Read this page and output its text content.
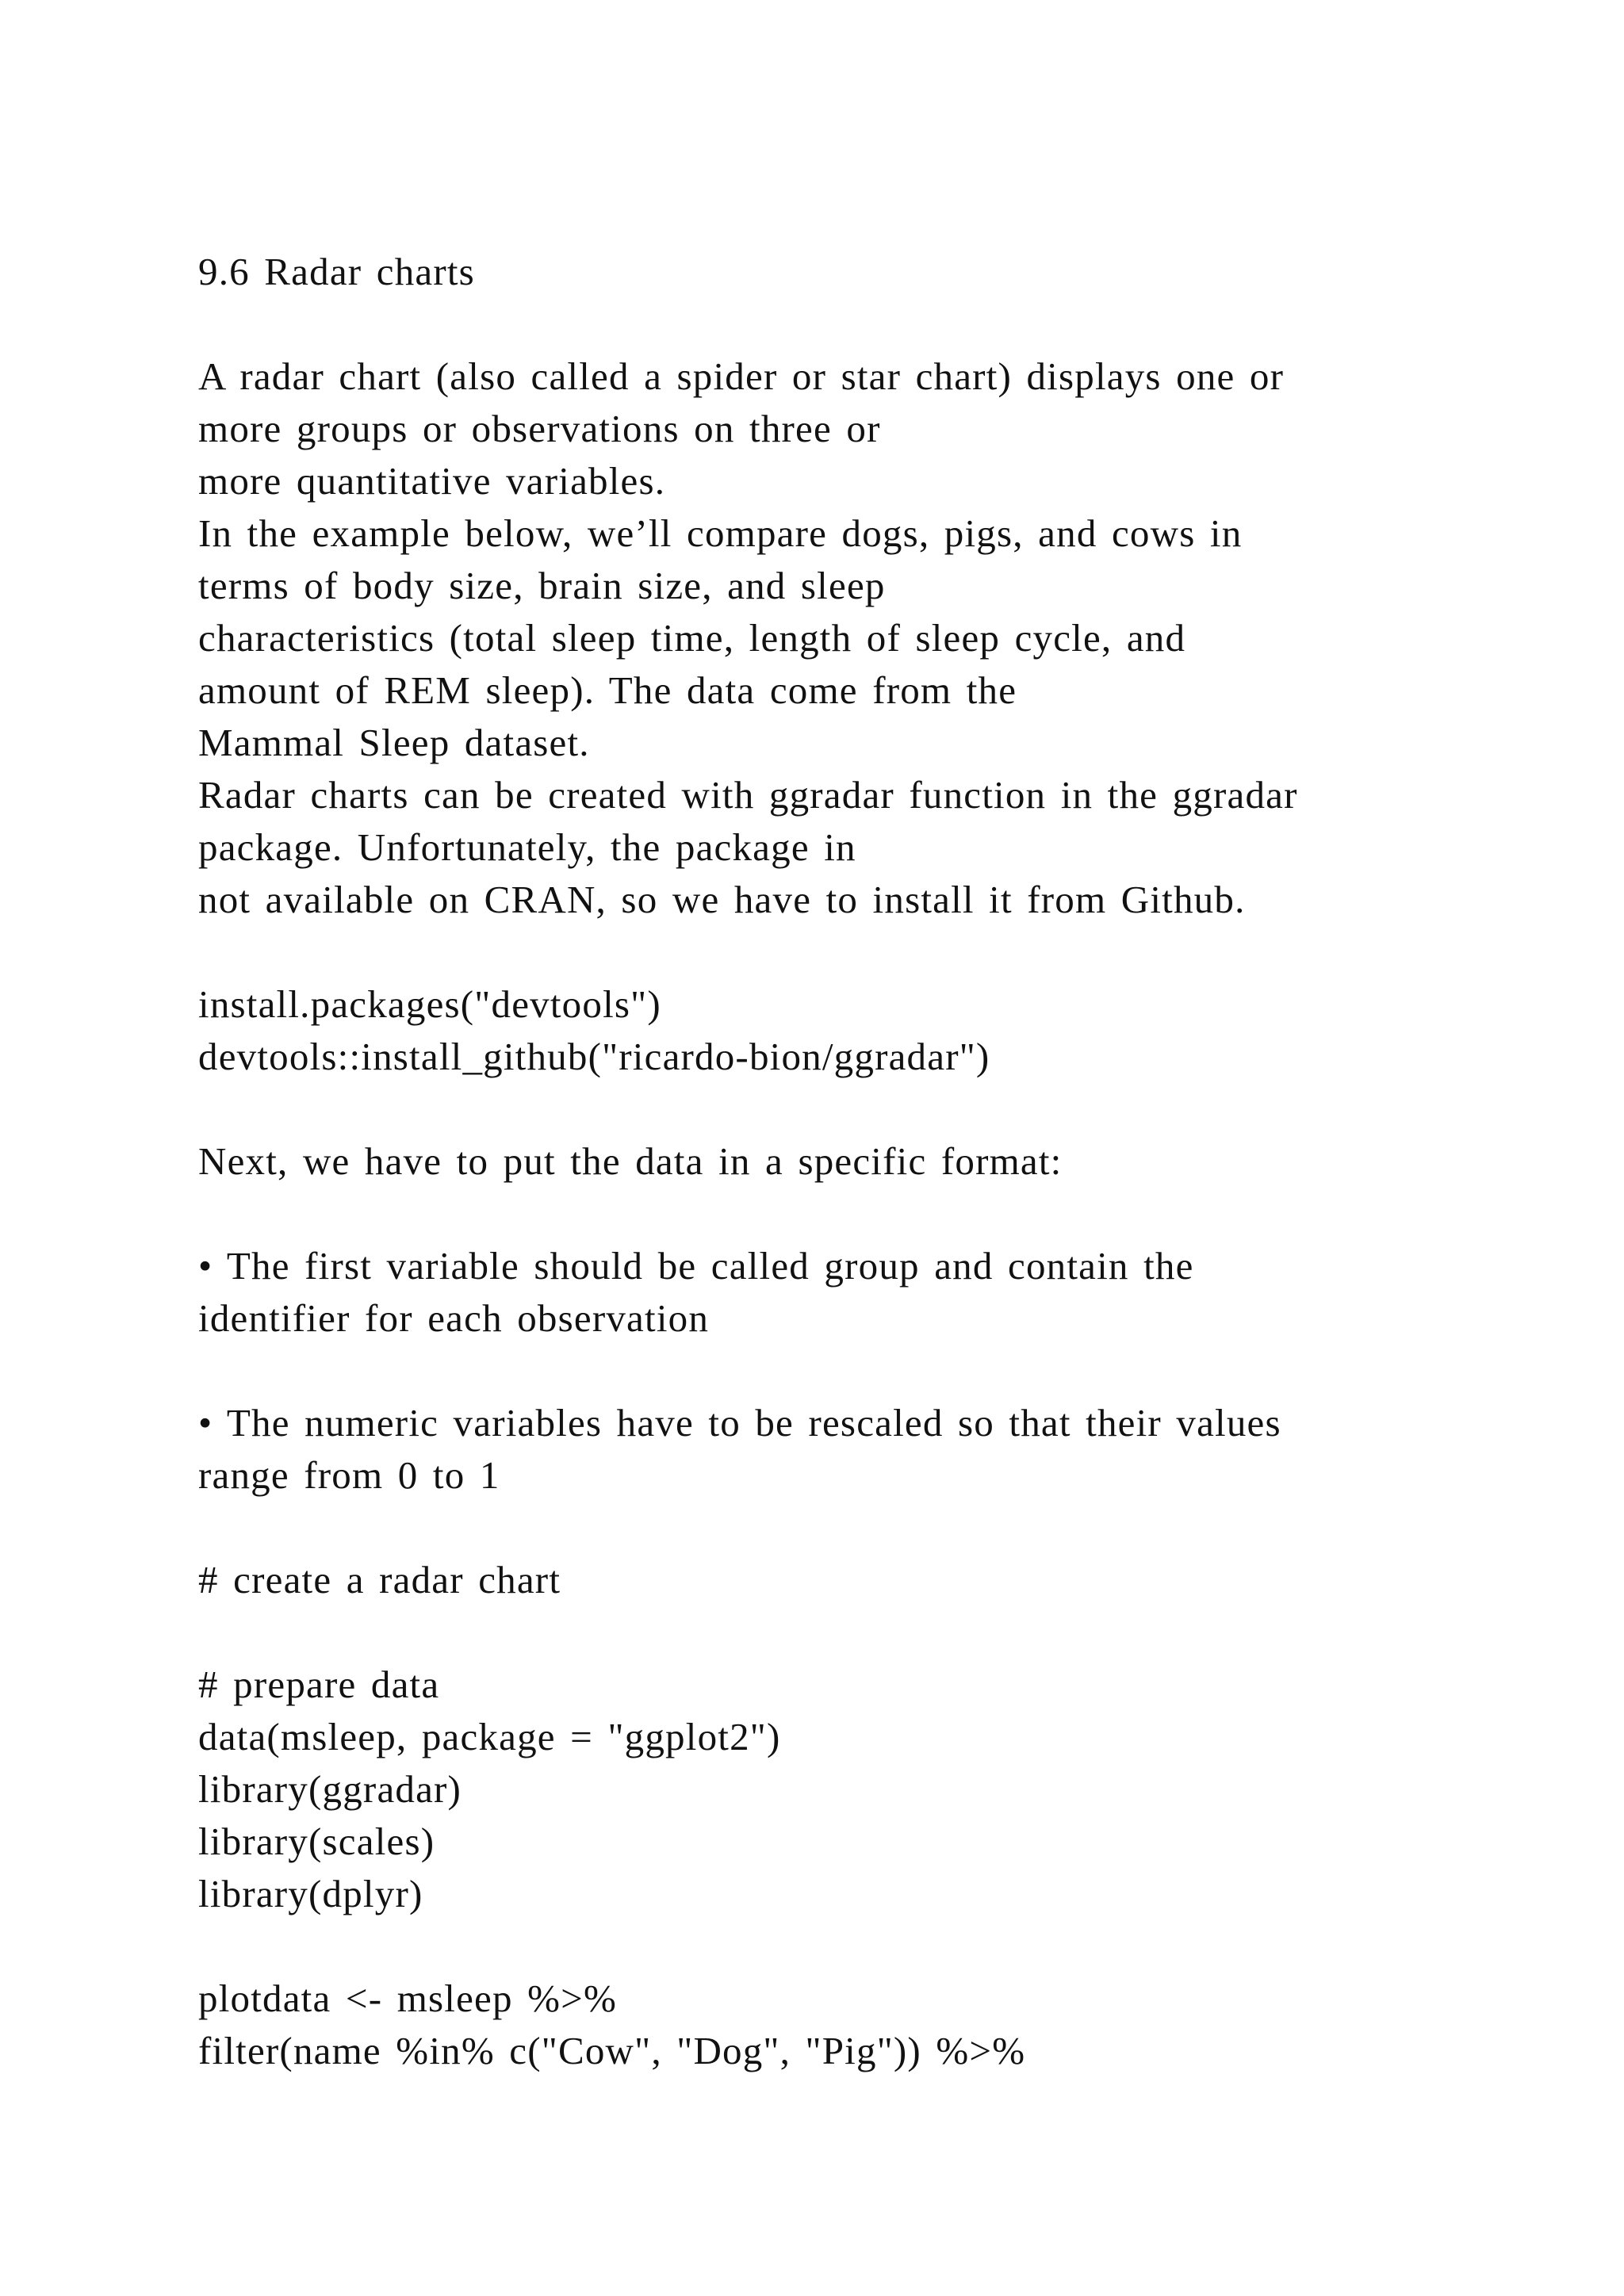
9.6 Radar charts
A radar chart (also called a spider or star chart) displays one or
more groups or observations on three or
more quantitative variables.
In the example below, we’ll compare dogs, pigs, and cows in
terms of body size, brain size, and sleep
characteristics (total sleep time, length of sleep cycle, and
amount of REM sleep). The data come from the
Mammal Sleep dataset.
Radar charts can be created with ggradar function in the ggradar
package. Unfortunately, the package in
not available on CRAN, so we have to install it from Github.
install.packages("devtools")
devtools::install_github("ricardo-bion/ggradar")
Next, we have to put the data in a specific format:
• The first variable should be called group and contain the
identifier for each observation
• The numeric variables have to be rescaled so that their values
range from 0 to 1
# create a radar chart
# prepare data
data(msleep, package = "ggplot2")
library(ggradar)
library(scales)
library(dplyr)
plotdata <- msleep %>%
filter(name %in% c("Cow", "Dog", "Pig")) %>%
